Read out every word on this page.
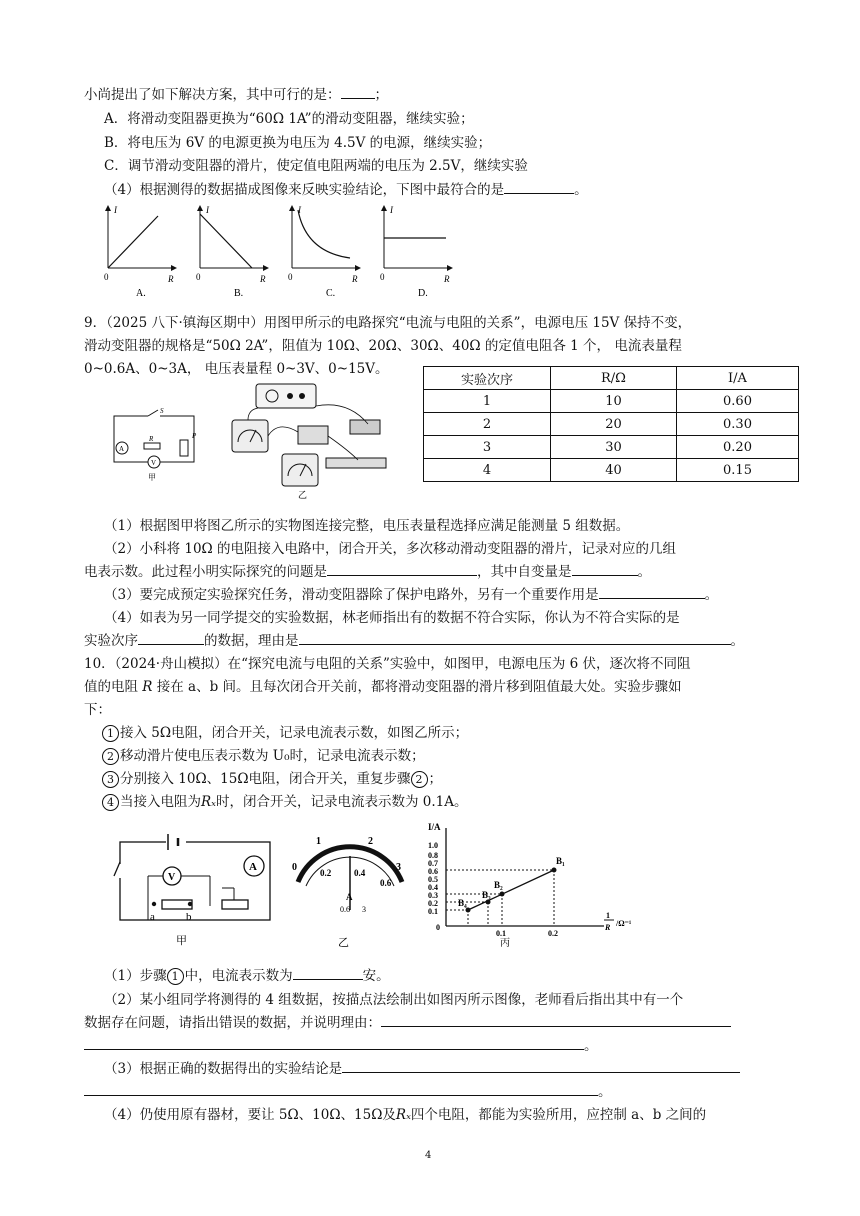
小尚提出了如下解决方案，其中可行的是：	；
A．将滑动变阻器更换为“60Ω 1A”的滑动变阻器，继续实验；
B．将电压为 6V 的电源更换为电压为 4.5V 的电源，继续实验；
C．调节滑动变阻器的滑片，使定值电阻两端的电压为 2.5V，继续实验
（4）根据测得的数据描成图像来反映实验结论，下图中最符合的是	。
I
R
0
A.
I
R
0
B.
I
R
0
C.
I
R
0
D.
9．（2025 八下·镇海区期中）用图甲所示的电路探究“电流与电阻的关系”，电源电压 15V 保持不变，
滑动变阻器的规格是“50Ω 2A”，阻值为 10Ω、20Ω、30Ω、40Ω 的定值电阻各 1 个， 电流表量程
0~0.6A、0~3A， 电压表量程 0~3V、0~15V。
S
A
R
V
P
甲
乙
实验次序	R/Ω	I/A
1	10	0.60
2	20	0.30
3	30	0.20
4	40	0.15
（1）根据图甲将图乙所示的实物图连接完整，电压表量程选择应满足能测量 5 组数据。
（2）小科将 10Ω 的电阻接入电路中，闭合开关，多次移动滑动变阻器的滑片，记录对应的几组
电表示数。此过程小明实际探究的问题是	，其中自变量是	。
（3）要完成预定实验探究任务，滑动变阻器除了保护电路外，另有一个重要作用是	。
（4）如表为另一同学提交的实验数据，林老师指出有的数据不符合实际，你认为不符合实际的是
实验次序	的数据，理由是	。
10．（2024·舟山模拟）在“探究电流与电阻的关系”实验中，如图甲，电源电压为 6 伏，逐次将不同阻
值的电阻 R 接在 a、b 间。且每次闭合开关前，都将滑动变阻器的滑片移到阻值最大处。实验步骤如
下：
1 接入 5Ω电阻，闭合开关，记录电流表示数，如图乙所示；
2 移动滑片使电压表示数为 U₀时，记录电流表示数；
3 分别接入 10Ω、15Ω电阻，闭合开关，重复步骤 2 ；
4 当接入电阻为Rₓ时，闭合开关，记录电流表示数为 0.1A。
A
V
a	b
甲
0
1	2
3
0.2	0.4
0.6
A
0.6 3
乙
I/A
1.0
0.8
0.7
0.6
0.5
0.4
0.3
0.2
0.1
0
B₁
B₂
B₃
B₄
0.1	0.2
1
R /Ω⁻¹
丙
（1）步骤 1 中，电流表示数为	安。
（2）某小组同学将测得的 4 组数据，按描点法绘制出如图丙所示图像，老师看后指出其中有一个
数据存在问题，请指出错误的数据，并说明理由：
。
（3）根据正确的数据得出的实验结论是
。
（4）仍使用原有器材，要让 5Ω、10Ω、15Ω及Rₓ四个电阻，都能为实验所用，应控制 a、b 之间的
4
